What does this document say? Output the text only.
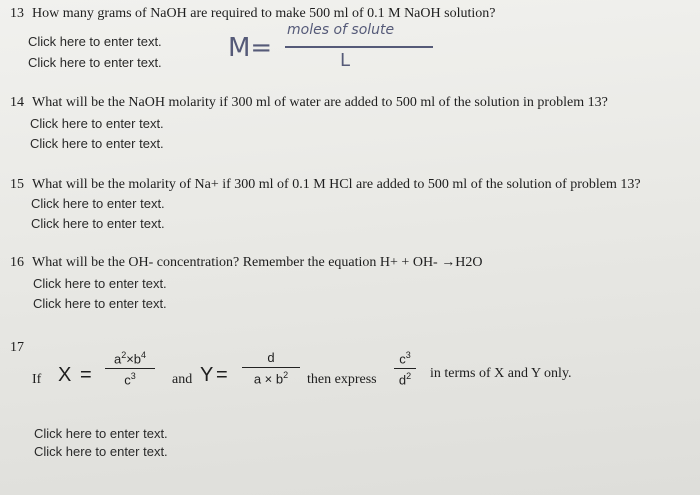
13 How many grams of NaOH are required to make 500 ml of 0.1 M NaOH solution?
Click here to enter text.
Click here to enter text.	M=
moles of solute
L
14 What will be the NaOH molarity if 300 ml of water are added to 500 ml of the solution in problem 13?
Click here to enter text.
Click here to enter text.
15 What will be the molarity of Na+ if 300 ml of 0.1 M HCl are added to 500 ml of the solution of problem 13?
Click here to enter text.
Click here to enter text.
16 What will be the OH- concentration? Remember the equation H+ + OH- →H2O
Click here to enter text.
Click here to enter text.
17
If X =
$a^2\times b^4$
$c^3$	and Y =
d
$a \times b^2$	then express
$c^3$
$d^2$	in terms of X and Y only.
Click here to enter text.
Click here to enter text.
